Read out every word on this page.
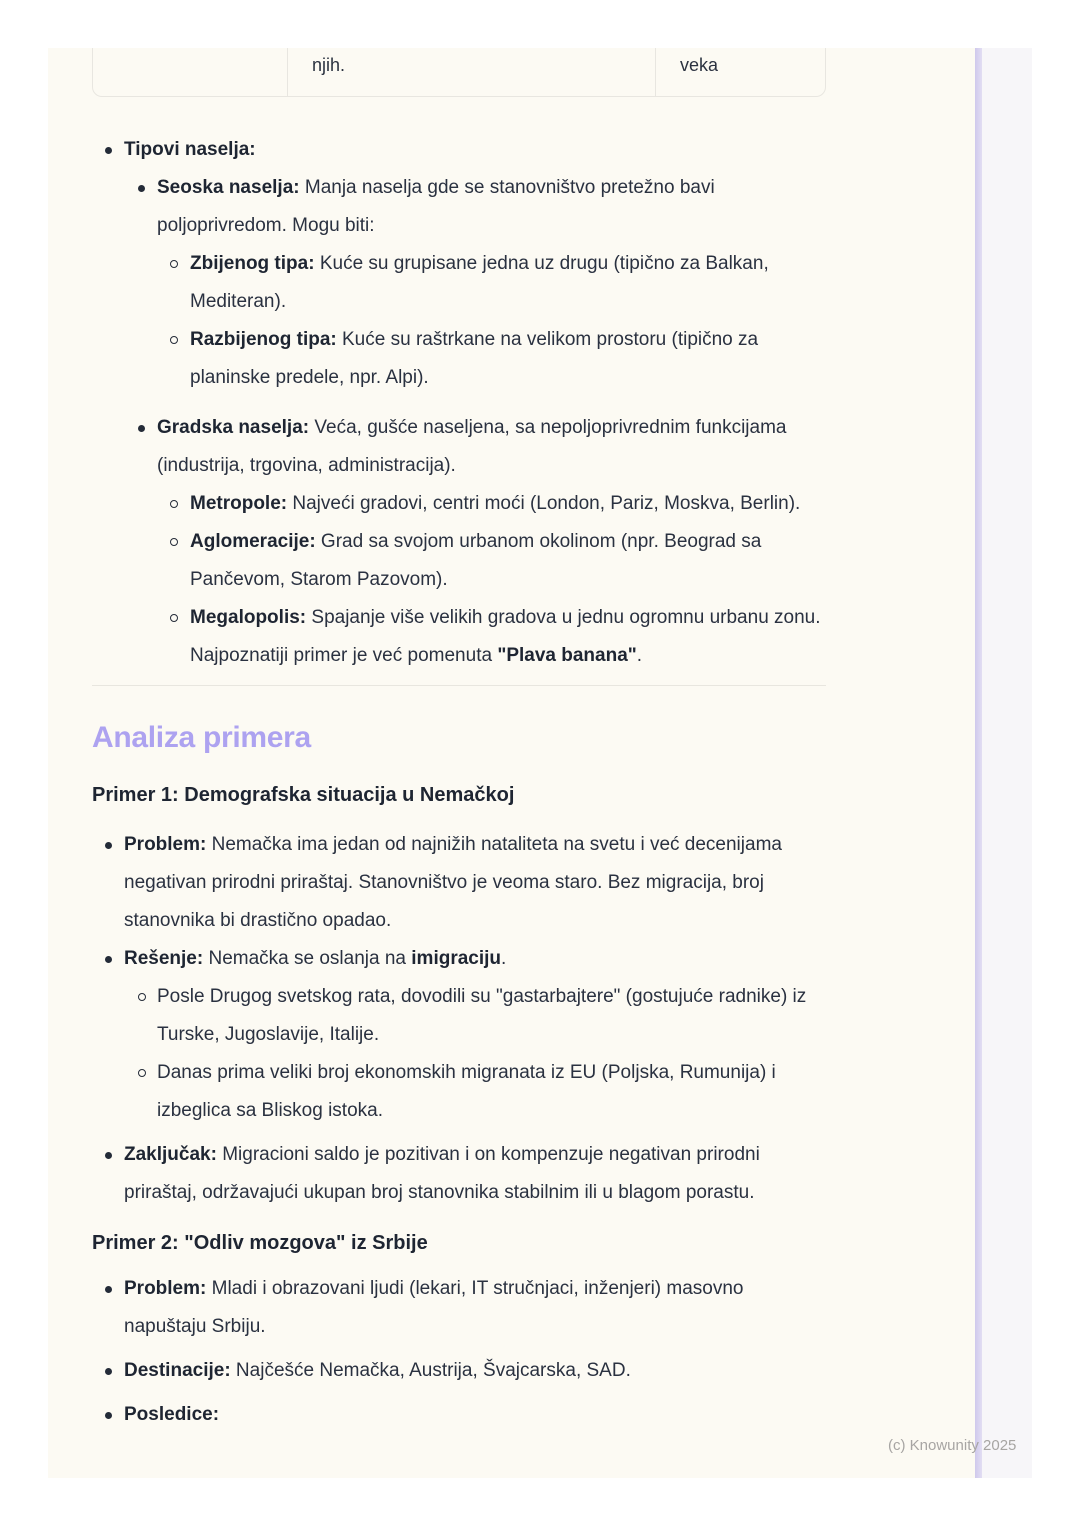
njih.	veka
Tipovi naselja:
Seoska naselja: Manja naselja gde se stanovništvo pretežno bavi poljoprivredom. Mogu biti:
Zbijenog tipa: Kuće su grupisane jedna uz drugu (tipično za Balkan, Mediteran).
Razbijenog tipa: Kuće su raštrkane na velikom prostoru (tipično za planinske predele, npr. Alpi).
Gradska naselja: Veća, gušće naseljena, sa nepoljoprivrednim funkcijama (industrija, trgovina, administracija).
Metropole: Najveći gradovi, centri moći (London, Pariz, Moskva, Berlin).
Aglomeracije: Grad sa svojom urbanom okolinom (npr. Beograd sa Pančevom, Starom Pazovom).
Megalopolis: Spajanje više velikih gradova u jednu ogromnu urbanu zonu. Najpoznatiji primer je već pomenuta "Plava banana".
Analiza primera
Primer 1: Demografska situacija u Nemačkoj
Problem: Nemačka ima jedan od najnižih nataliteta na svetu i već decenijama negativan prirodni priraštaj. Stanovništvo je veoma staro. Bez migracija, broj stanovnika bi drastično opadao.
Rešenje: Nemačka se oslanja na imigraciju.
Posle Drugog svetskog rata, dovodili su "gastarbajtere" (gostujuće radnike) iz Turske, Jugoslavije, Italije.
Danas prima veliki broj ekonomskih migranata iz EU (Poljska, Rumunija) i izbeglica sa Bliskog istoka.
Zaključak: Migracioni saldo je pozitivan i on kompenzuje negativan prirodni priraštaj, održavajući ukupan broj stanovnika stabilnim ili u blagom porastu.
Primer 2: "Odliv mozgova" iz Srbije
Problem: Mladi i obrazovani ljudi (lekari, IT stručnjaci, inženjeri) masovno napuštaju Srbiju.
Destinacije: Najčešće Nemačka, Austrija, Švajcarska, SAD.
Posledice:
(c) Knowunity 2025
